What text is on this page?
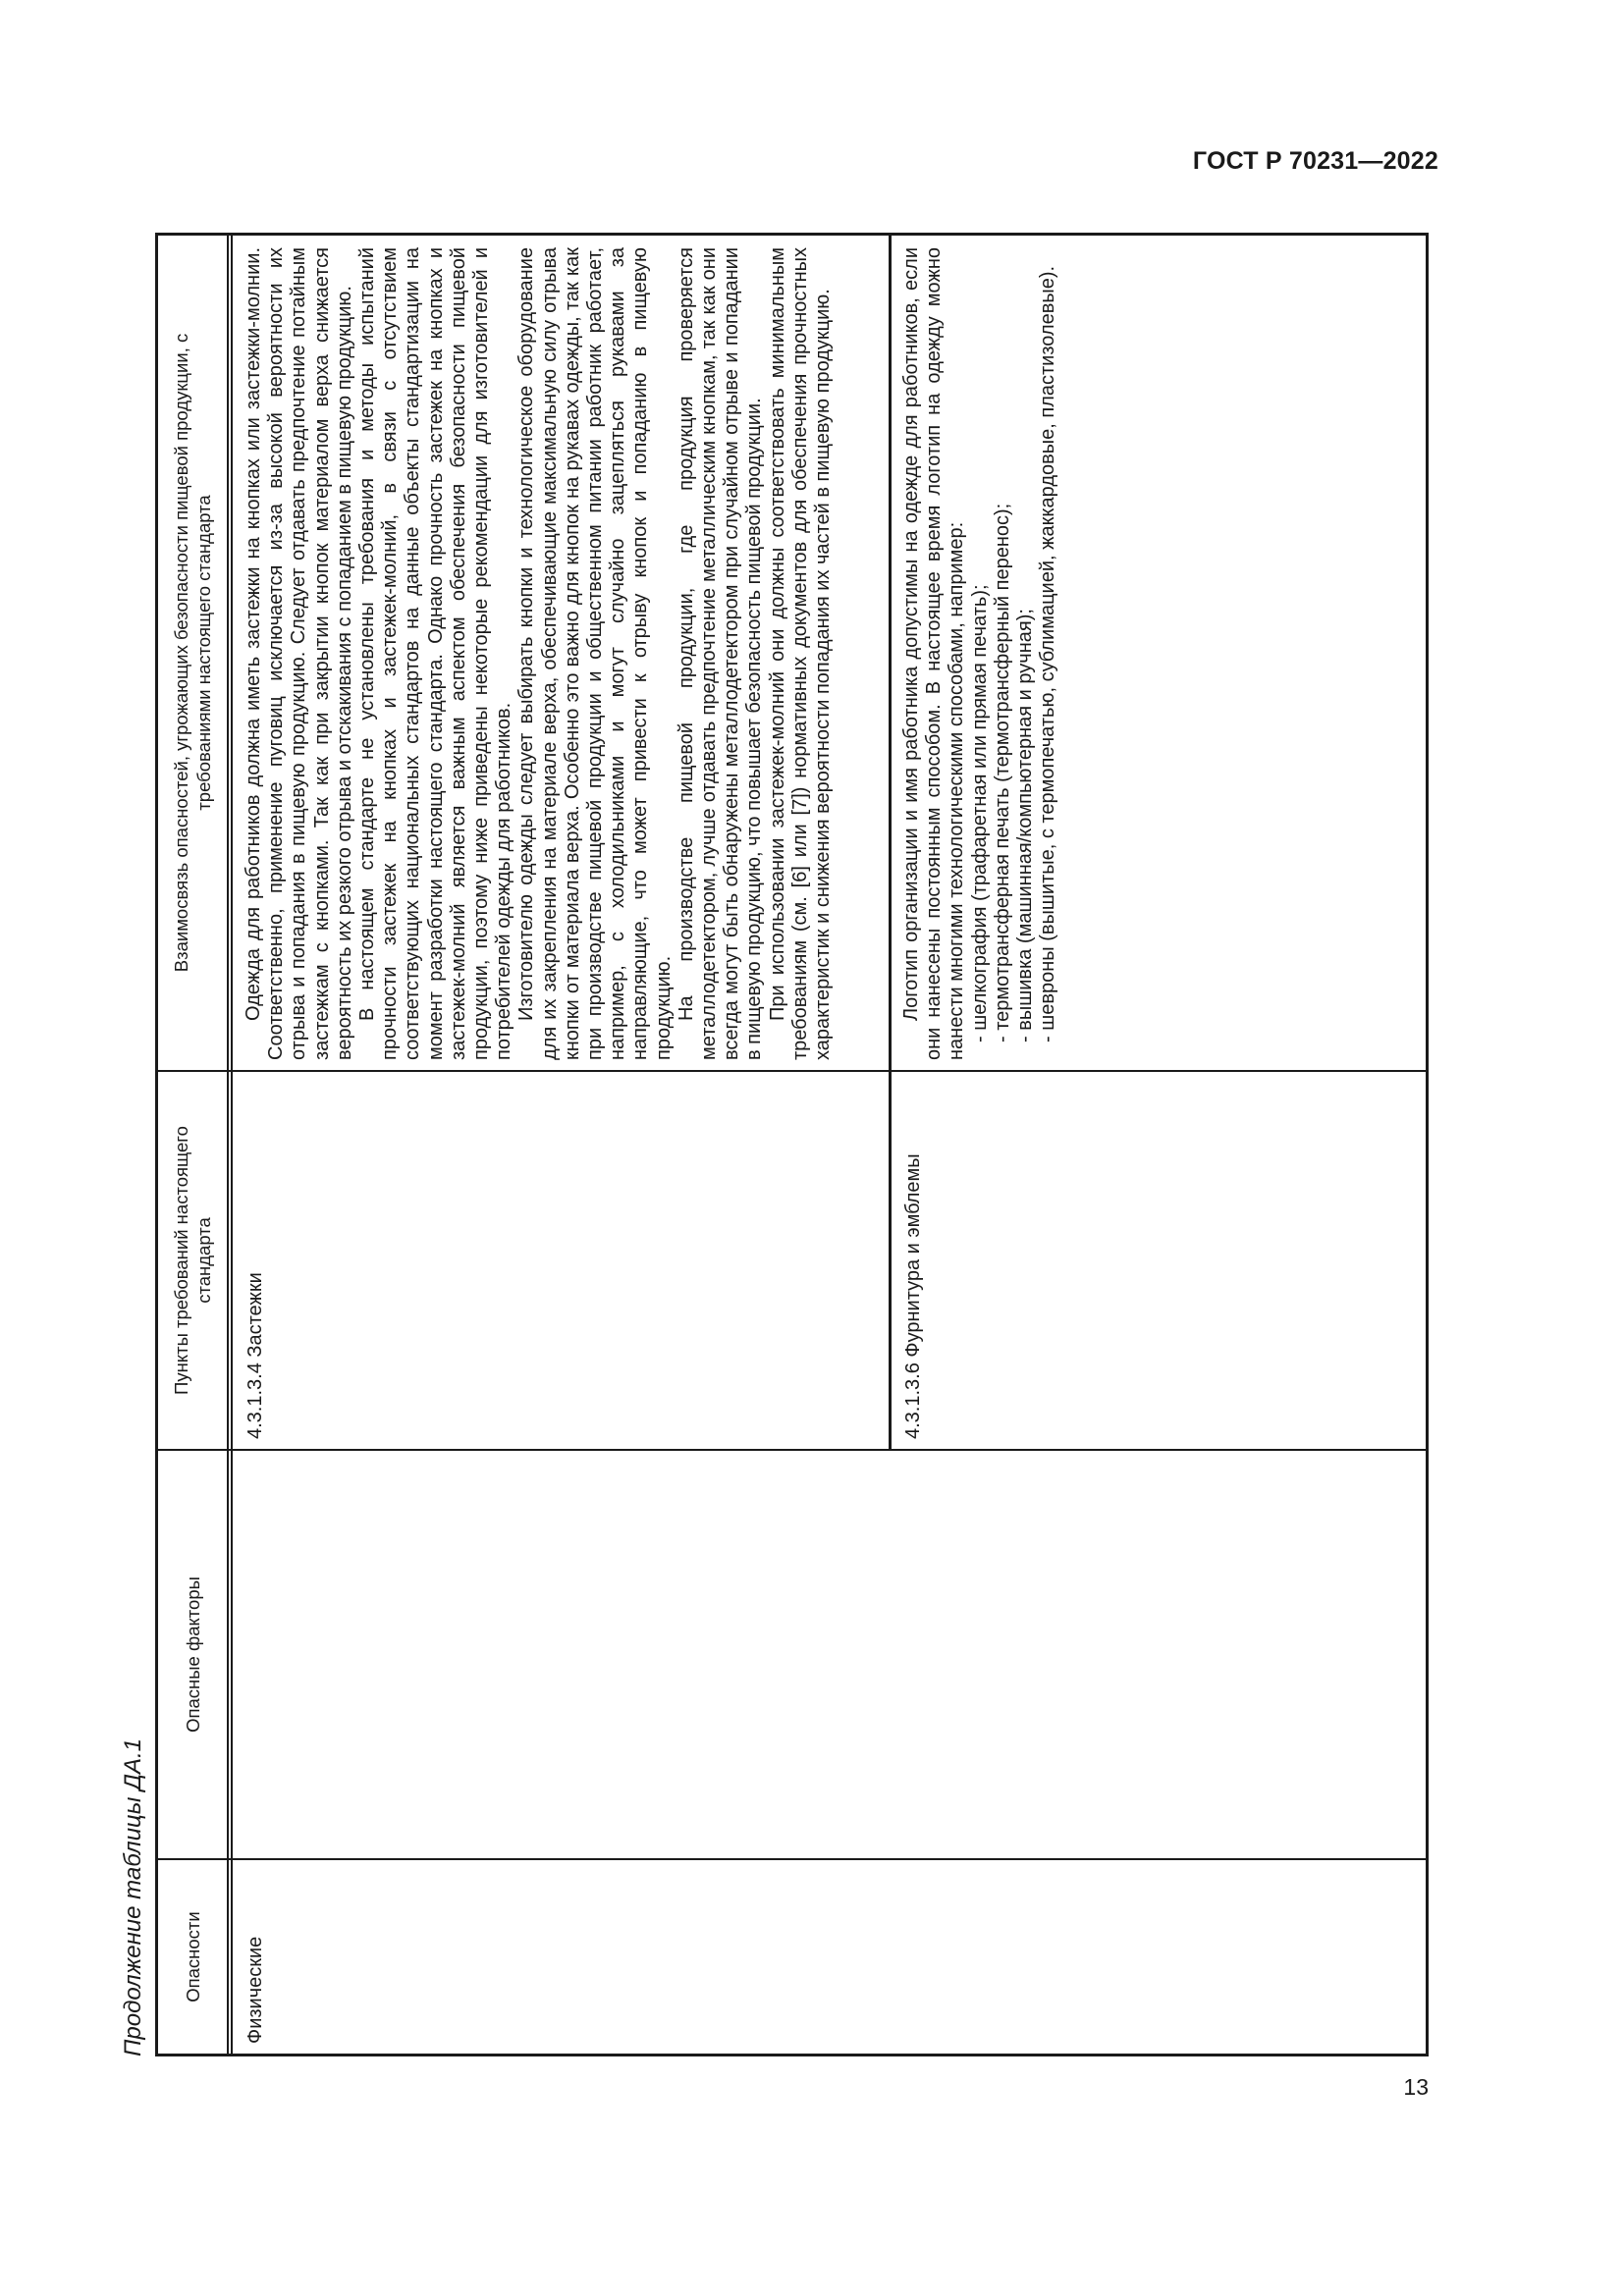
ГОСТ Р 70231—2022
13
Продолжение таблицы ДА.1	Опасности
Опасные факторы
Пункты требований настоящего стандарта
Взаимосвязь опасностей, угрожающих безопасности пищевой продукции, с требованиями настоящего стандарта
Физические
4.3.1.3.4 Застежки

Одежда для работников должна иметь застежки на кнопках или застежки-молнии. Соответственно, применение пуговиц исключается из-за высокой вероятности их отрыва и попадания в пищевую продукцию. Следует отдавать предпочтение потайным застежкам с кнопками. Так как при закрытии кнопок материалом верха снижается вероятность их резкого отрыва и отскакивания с попаданием в пищевую продукцию. В настоящем стандарте не установлены требования и методы испытаний прочности застежек на кнопках и застежек-молний, в связи с отсутствием соответствующих национальных стандартов на данные объекты стандартизации на момент разработки настоящего стандарта. Однако прочность застежек на кнопках и застежек-молний является важным аспектом обеспечения безопасности пищевой продукции, поэтому ниже приведены некоторые рекомендации для изготовителей и потребителей одежды для работников. Изготовителю одежды следует выбирать кнопки и технологическое оборудование для их закрепления на материале верха, обеспечивающие максимальную силу отрыва кнопки от материала верха. Особенно это важно для кнопок на рукавах одежды, так как при производстве пищевой продукции и общественном питании работник работает, например, с холодильниками и могут случайно зацепляться рукавами за направляющие, что может привести к отрыву кнопок и попаданию в пищевую продукцию. На производстве пищевой продукции, где продукция проверяется металлодетектором, лучше отдавать предпочтение металлическим кнопкам, так как они всегда могут быть обнаружены металлодетектором при случайном отрыве и попадании в пищевую продукцию, что повышает безопасность пищевой продукции. При использовании застежек-молний они должны соответствовать минимальным требованиям (см. [6] или [7]) нормативных документов для обеспечения прочностных характеристик и снижения вероятности попадания их частей в пищевую продукцию.

4.3.1.3.6 Фурнитура и эмблемы

Логотип организации и имя работника допустимы на одежде для работников, если они нанесены постоянным способом. В настоящее время логотип на одежду можно нанести многими технологическими способами, например: - шелкография (трафаретная или прямая печать); - термотрансферная печать (термотрансферный перенос); - вышивка (машинная/компьютерная и ручная); - шевроны (вышитые, с термопечатью, сублимацией, жаккардовые, пластизолевые).
